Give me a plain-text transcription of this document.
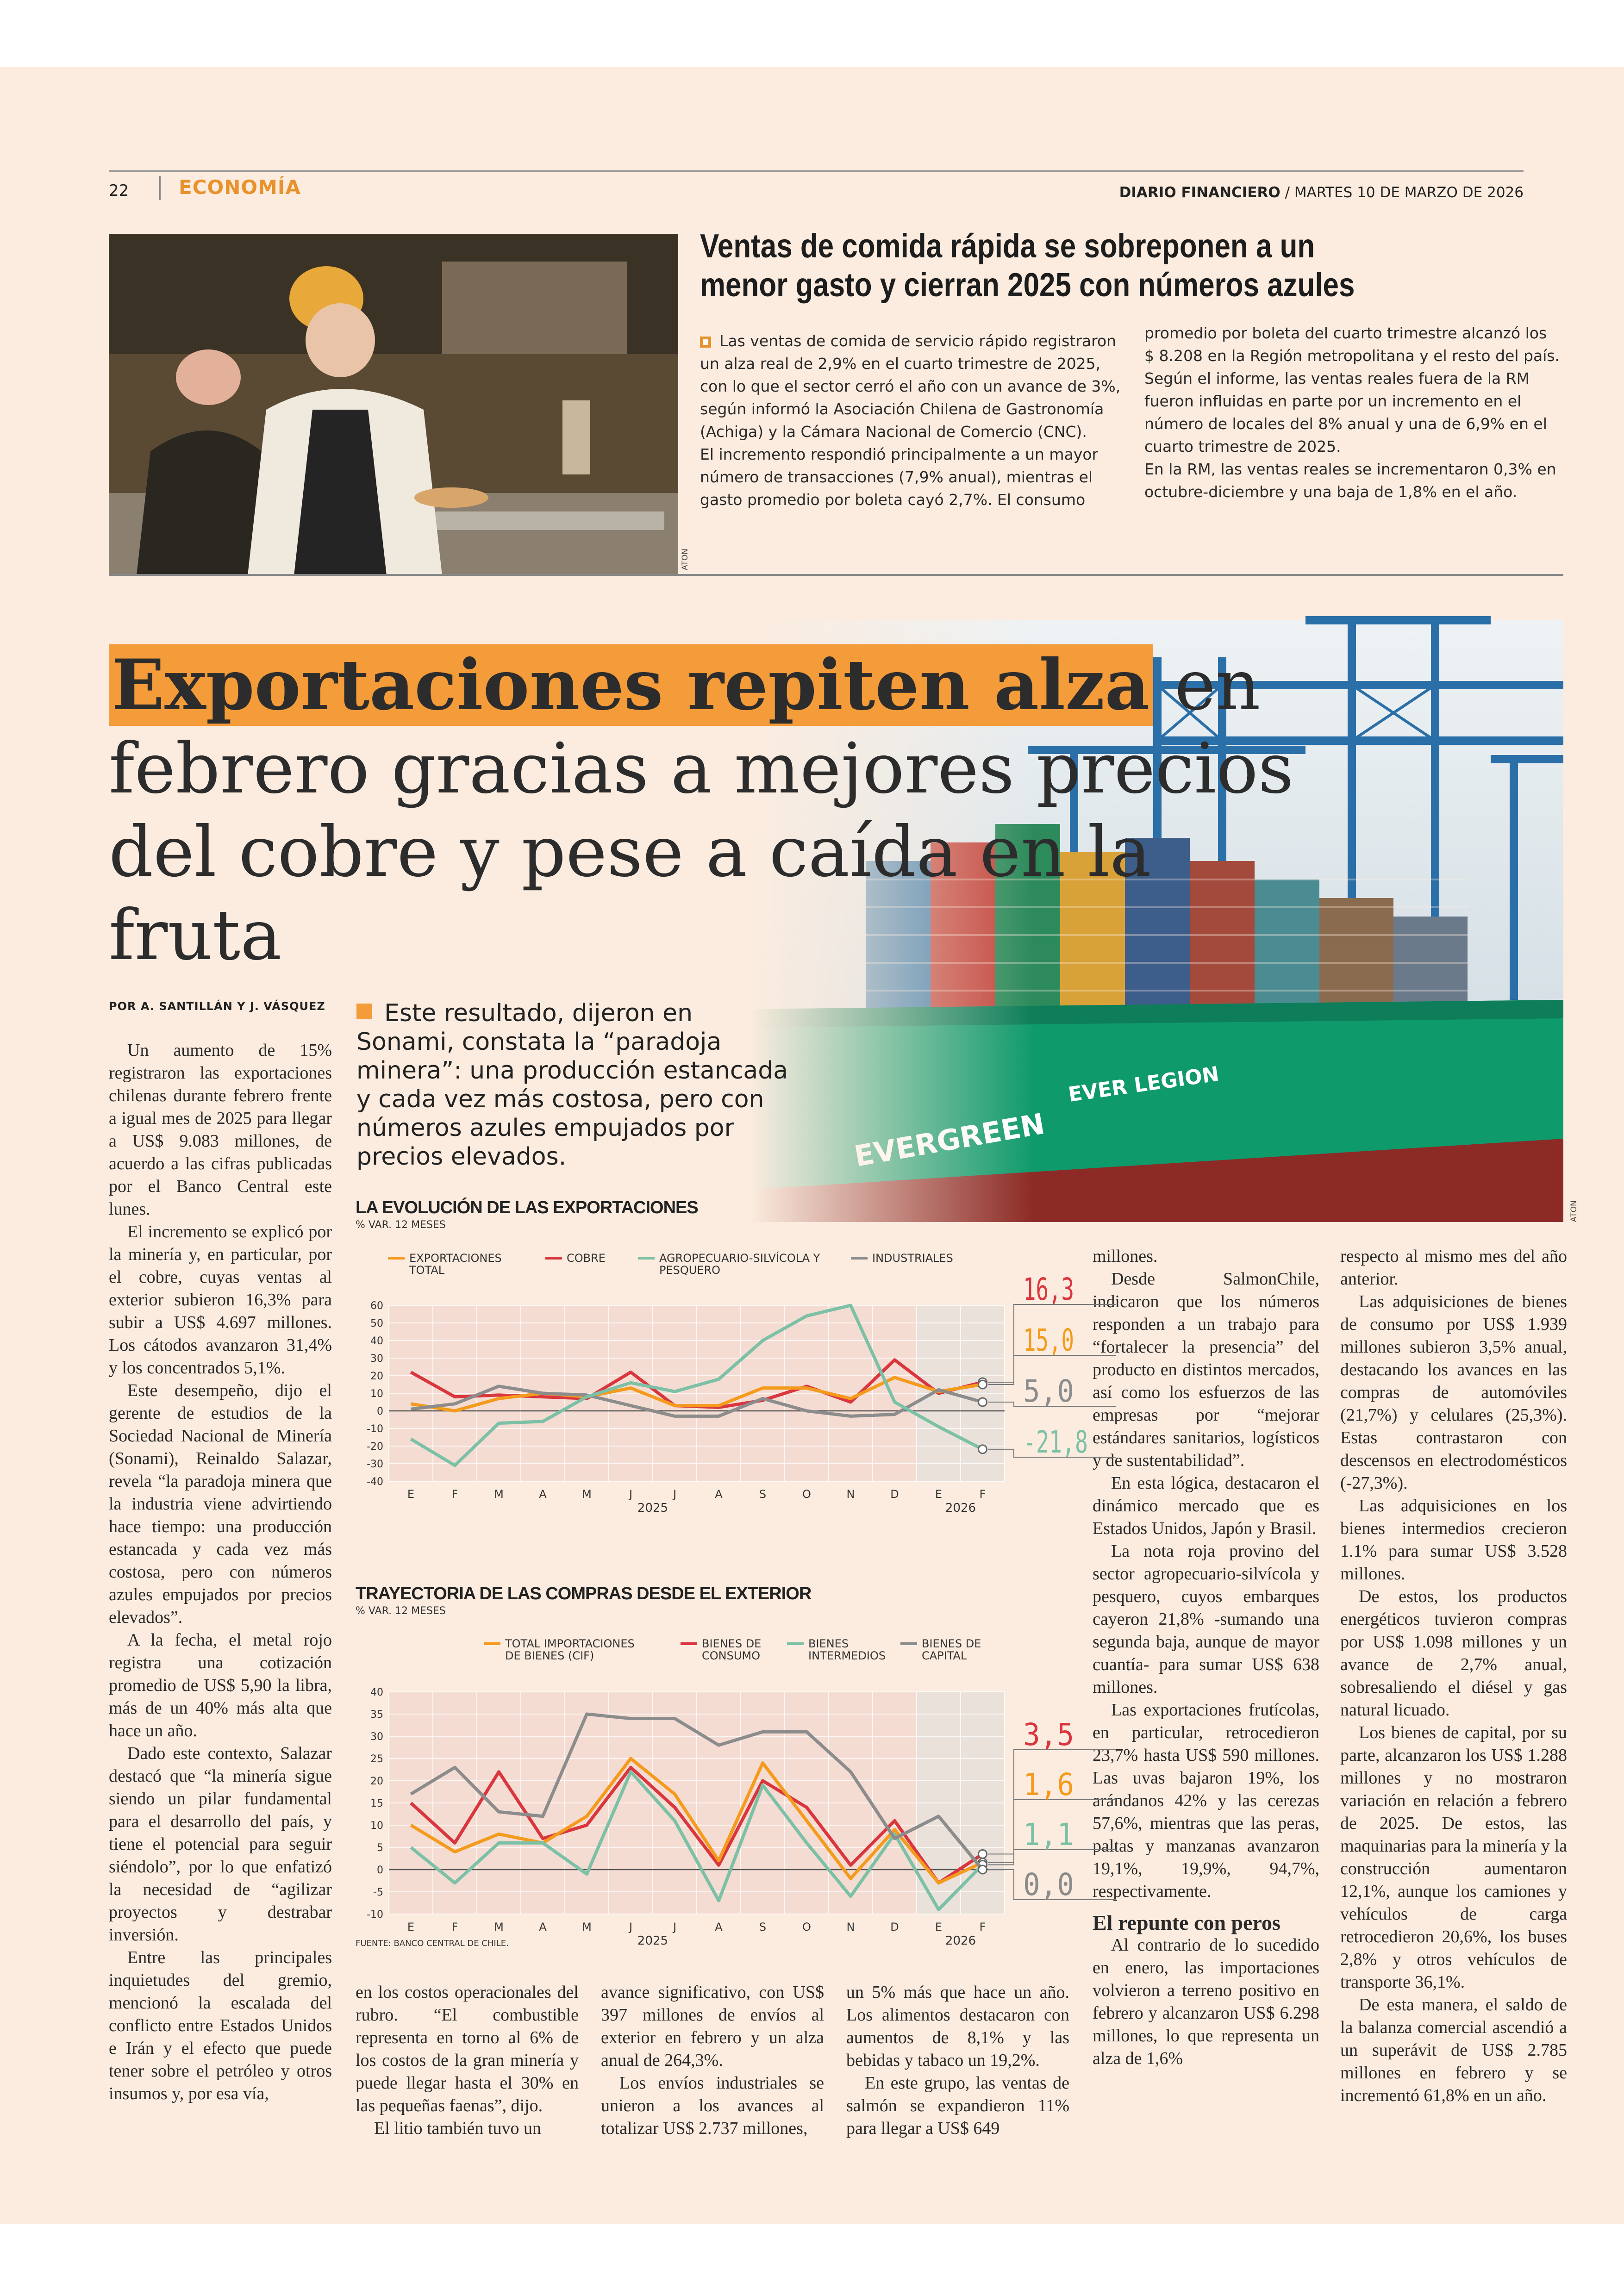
22	ECONOMÍA	DIARIO FINANCIERO / MARTES 10 DE MARZO DE 2026
ATON
Ventas de comida rápida se sobreponen a un menor gasto y cierran 2025 con números azules
Las ventas de comida de servicio rápido registraron un alza real de 2,9% en el cuarto trimestre de 2025, con lo que el sector cerró el año con un avance de 3%, según informó la Asociación Chilena de Gastronomía (Achiga) y la Cámara Nacional de Comercio (CNC).
El incremento respondió principalmente a un mayor número de transacciones (7,9% anual), mientras el gasto promedio por boleta cayó 2,7%. El consumo
promedio por boleta del cuarto trimestre alcanzó los $ 8.208 en la Región metropolitana y el resto del país.
Según el informe, las ventas reales fuera de la RM fueron influidas en parte por un incremento en el número de locales del 8% anual y una de 6,9% en el cuarto trimestre de 2025.
En la RM, las ventas reales se incrementaron 0,3% en octubre-diciembre y una baja de 1,8% en el año.
ATON
Exportaciones repiten alza en
febrero gracias a mejores precios
del cobre y pese a caída en la fruta
POR A. SANTILLÁN Y J. VÁSQUEZ	Este resultado, dijeron en Sonami, constata la “paradoja minera”: una producción estancada y cada vez más costosa, pero con números azules empujados por precios elevados.

Un aumento de 15% registraron las exportaciones chilenas durante febrero frente a igual mes de 2025 para llegar a US$ 9.083 millones, de acuerdo a las cifras publicadas por el Banco Central este lunes.

El incremento se explicó por la minería y, en particular, por el cobre, cuyas ventas al exterior subieron 16,3% para subir a US$ 4.697 millones. Los cátodos avanzaron 31,4% y los concentrados 5,1%.

Este desempeño, dijo el gerente de estudios de la Sociedad Nacional de Minería (Sonami), Reinaldo Salazar, revela “la paradoja minera que la industria viene advirtiendo hace tiempo: una producción estancada y cada vez más costosa, pero con números azules empujados por precios elevados”.

A la fecha, el metal rojo registra una cotización promedio de US$ 5,90 la libra, más de un 40% más alta que hace un año.

Dado este contexto, Salazar destacó que “la minería sigue siendo un pilar fundamental para el desarrollo del país, y tiene el potencial para seguir siéndolo”, por lo que enfatizó la necesidad de “agilizar proyectos y destrabar inversión.

Entre las principales inquietudes del gremio, mencionó la escalada del conflicto entre Estados Unidos e Irán y el efecto que puede tener sobre el petróleo y otros insumos y, por esa vía,

en los costos operacionales del rubro. “El combustible representa en torno al 6% de los costos de la gran minería y puede llegar hasta el 30% en las pequeñas faenas”, dijo.

El litio también tuvo un

avance significativo, con US$ 397 millones de envíos al exterior en febrero y un alza anual de 264,3%.

Los envíos industriales se unieron a los avances al totalizar US$ 2.737 millones,

un 5% más que hace un año. Los alimentos destacaron con aumentos de 8,1% y las bebidas y tabaco un 19,2%.

En este grupo, las ventas de salmón se expandieron 11% para llegar a US$ 649

millones.

Desde SalmonChile, indicaron que los números responden a un trabajo para “fortalecer la presencia” del producto en distintos mercados, así como los esfuerzos de las empresas por “mejorar estándares sanitarios, logísticos y de sustentabilidad”.

En esta lógica, destacaron el dinámico mercado que es Estados Unidos, Japón y Brasil.

La nota roja provino del sector agropecuario-silvícola y pesquero, cuyos embarques cayeron 21,8% -sumando una segunda baja, aunque de mayor cuantía- para sumar US$ 638 millones.

Las exportaciones frutícolas, en particular, retrocedieron 23,7% hasta US$ 590 millones. Las uvas bajaron 19%, los arándanos 42% y las cerezas 57,6%, mientras que las peras, paltas y manzanas avanzaron 19,1%, 19,9%, 94,7%, respectivamente.

El repunte con peros

Al contrario de lo sucedido en enero, las importaciones volvieron a terreno positivo en febrero y alcanzaron US$ 6.298 millones, lo que representa un alza de 1,6%

respecto al mismo mes del año anterior.

Las adquisiciones de bienes de consumo por US$ 1.939 millones subieron 3,5% anual, destacando los avances en las compras de automóviles (21,7%) y celulares (25,3%). Estas contrastaron con descensos en electrodomésticos (-27,3%).

Las adquisiciones en los bienes intermedios crecieron 1.1% para sumar US$ 3.528 millones.

De estos, los productos energéticos tuvieron compras por US$ 1.098 millones y un avance de 2,7% anual, sobresaliendo el diésel y gas natural licuado.

Los bienes de capital, por su parte, alcanzaron los US$ 1.288 millones y no mostraron variación en relación a febrero de 2025. De estos, las maquinarias para la minería y la construcción aumentaron 12,1%, aunque los camiones y vehículos de carga retrocedieron 20,6%, los buses 2,8% y otros vehículos de transporte 36,1%.

De esta manera, el saldo de la balanza comercial ascendió a un superávit de US$ 2.785 millones en febrero y se incrementó 61,8% en un año.

LA EVOLUCIÓN DE LAS EXPORTACIONES
% VAR. 12 MESES
EXPORTACIONES TOTAL
COBRE	AGROPECUARIO-SILVÍCOLA Y PESQUERO
INDUSTRIALES
60
50
40
30
20
10
0
-10
-20
-30
-40
E	F	M	A	M	J	J	A	S	O	N	D	E	F
2025	2026
16,3
15,0
5,0
-21,8
TRAYECTORIA DE LAS COMPRAS DESDE EL EXTERIOR
% VAR. 12 MESES
TOTAL IMPORTACIONES DE BIENES (CIF)
BIENES DE CONSUMO
BIENES INTERMEDIOS
BIENES DE CAPITAL
40
35
30
25
20
15
10
5
0
-5
-10
E	F	M	A	M	J	J	A	S	O	N	D	E	F
2025	2026
3,5
1,6
1,1
0,0
FUENTE: BANCO CENTRAL DE CHILE.
